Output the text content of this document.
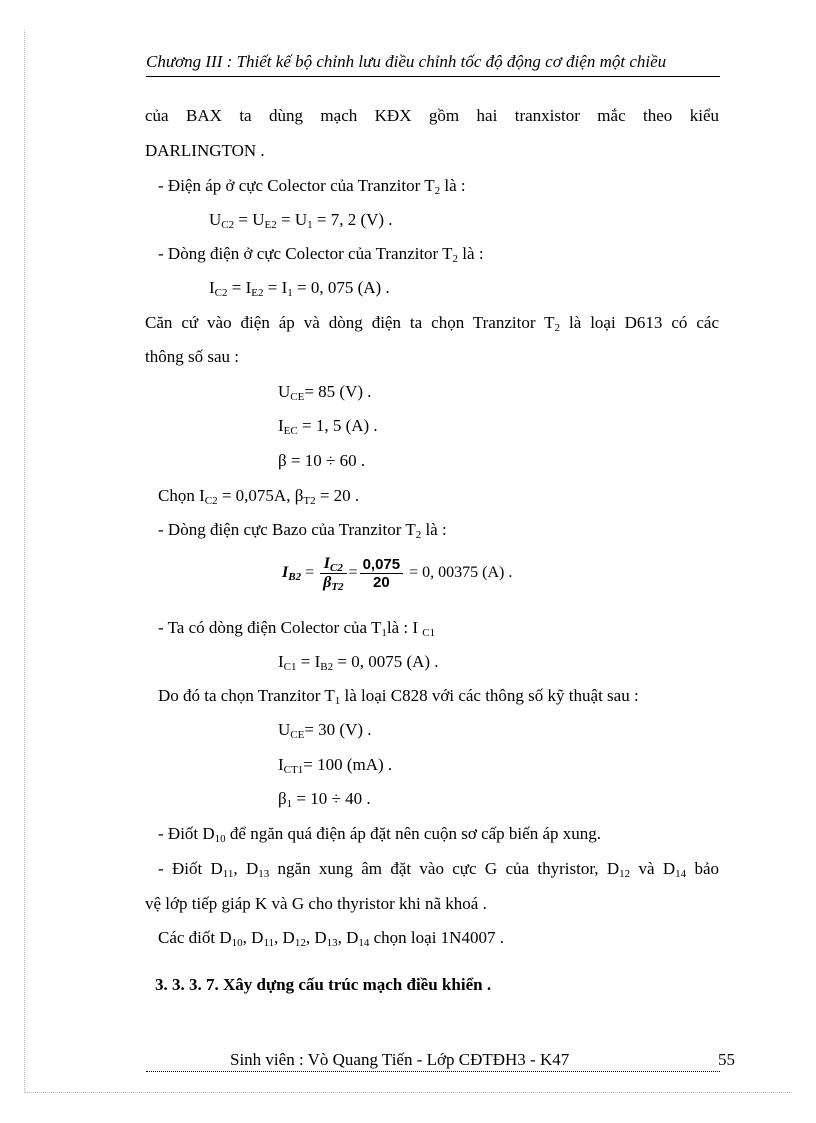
Chương III : Thiết kế bộ chỉnh lưu điều chỉnh tốc độ động cơ điện một chiều
của BAX ta dùng mạch KĐX gồm hai tranxistor mắc theo kiểu
DARLINGTON .
- Điện áp ở cực Colector của Tranzitor $T_2$ là :
$U_{C2} = U_{E2} = U_1 = 7$, 2 (V) .
- Dòng điện ở cực Colector của Tranzitor $T_2$ là :
$I_{C2} = I_{E2} = I_1 = 0$, 075 (A) .
Căn cứ vào điện áp và dòng điện ta chọn Tranzitor $T_2$ là loại D613 có các
thông số sau :
$U_{CE}= 85$ (V) .
$I_{EC} = 1$, 5 (A) .
β = 10 ÷ 60 .
Chọn $I_{C2} = 0,075A$, $\beta_{T2} = 20$ .
- Dòng điện cực Bazo của Tranzitor $T_2$ là :
$I_{B2} = \frac{I_{C2}}{\beta_{T2}} = \frac{0,075}{20} = 0$, 00375 (A) .
- Ta có dòng điện Colector của $T_1là$ : I $_{C1}$
$I_{C1} = I_{B2} = 0$, 0075 (A) .
Do đó ta chọn Tranzitor $T_1$ là loại C828 với các thông số kỹ thuật sau :
$U_{CE}= 30$ (V) .
$I_{CT1}= 100$ (mA) .
$\beta_1 = 10 \div 40$ .
- Điốt $D_{10}$ để ngăn quá điện áp đặt nên cuộn sơ cấp biến áp xung.
- Điốt $D_{11}$, $D_{13}$ ngăn xung âm đặt vào cực G của thyristor, $D_{12}$ và $D_{14}$ bảo
vệ lớp tiếp giáp K và G cho thyristor khi nã khoá .
Các điốt $D_{10}$, $D_{11}$, $D_{12}$, $D_{13}$, $D_{14}$ chọn loại 1N4007 .
3. 3. 3. 7. Xây dựng cấu trúc mạch điều khiển .
Sinh viên : Vò Quang Tiến - Lớp CĐTĐH3 - K47	55
